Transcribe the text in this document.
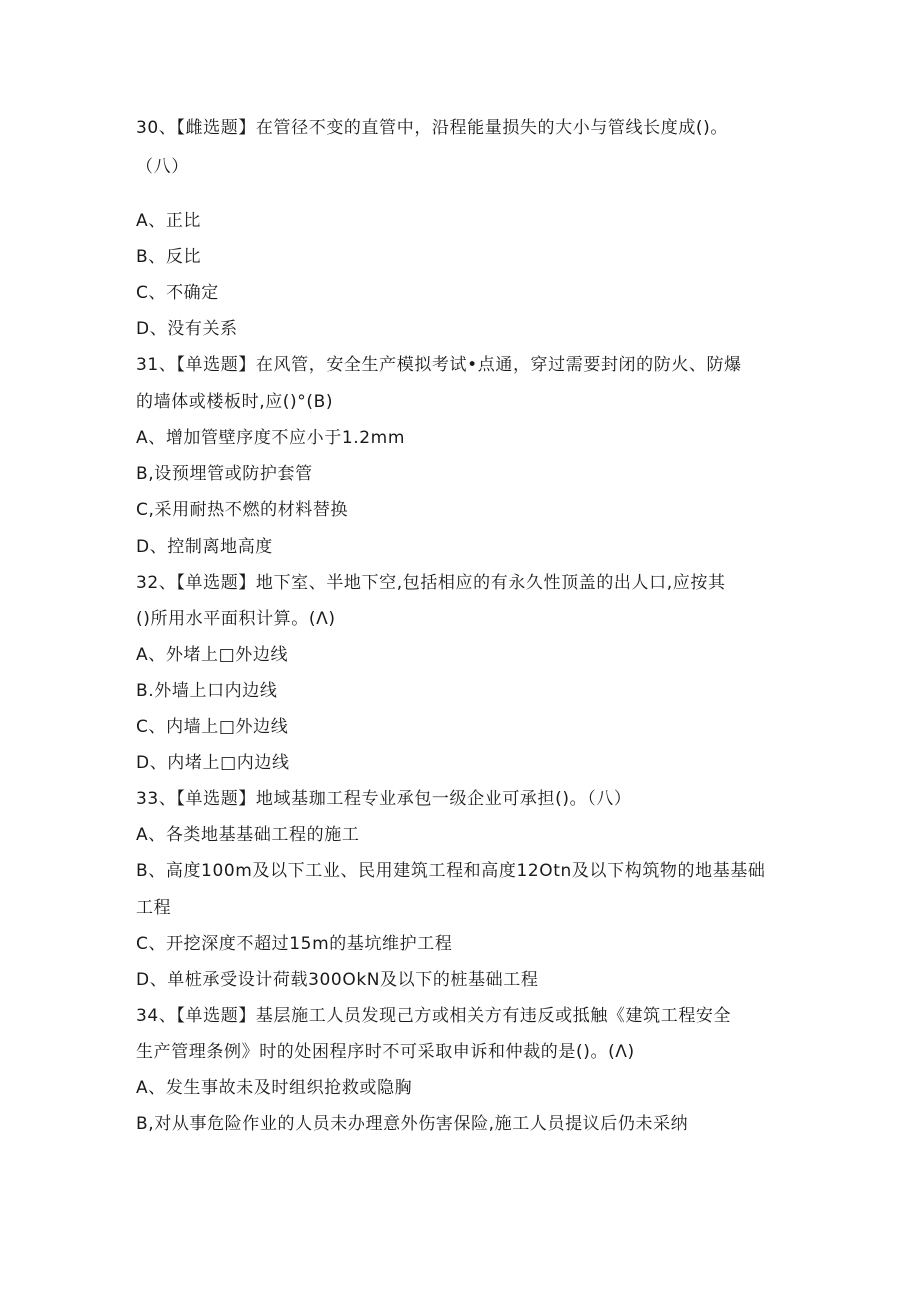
30、【雌选题】在管径不变的直管中，沿程能量损失的大小与管线长度成()。
（八）
A、正比
B、反比
C、不确定
D、没有关系
31、【单选题】在风管，安全生产模拟考试•点通，穿过需要封闭的防火、防爆
的墙体或楼板时,应()°(B)
A、增加管壁序度不应小于1.2mm
B,设预埋管或防护套管
C,采用耐热不燃的材料替换
D、控制离地高度
32、【单选题】地下室、半地下空,包括相应的有永久性顶盖的出人口,应按其
()所用水平面积计算。(Λ)
A、外堵上□外边线
B.外墙上口内边线
C、内墙上□外边线
D、内堵上□内边线
33、【单选题】地域基珈工程专业承包一级企业可承担()。（八）
A、各类地基基础工程的施工
B、高度100m及以下工业、民用建筑工程和高度12Otn及以下构筑物的地基基础
工程
C、开挖深度不超过15m的基坑维护工程
D、单桩承受设计荷载300OkN及以下的桩基础工程
34、【单选题】基层施工人员发现己方或相关方有违反或抵触《建筑工程安全
生产管理条例》时的处困程序时不可采取申诉和仲裁的是()。(Λ)
A、发生事故未及时组织抢救或隐胸
B,对从事危险作业的人员未办理意外伤害保险,施工人员提议后仍未采纳
